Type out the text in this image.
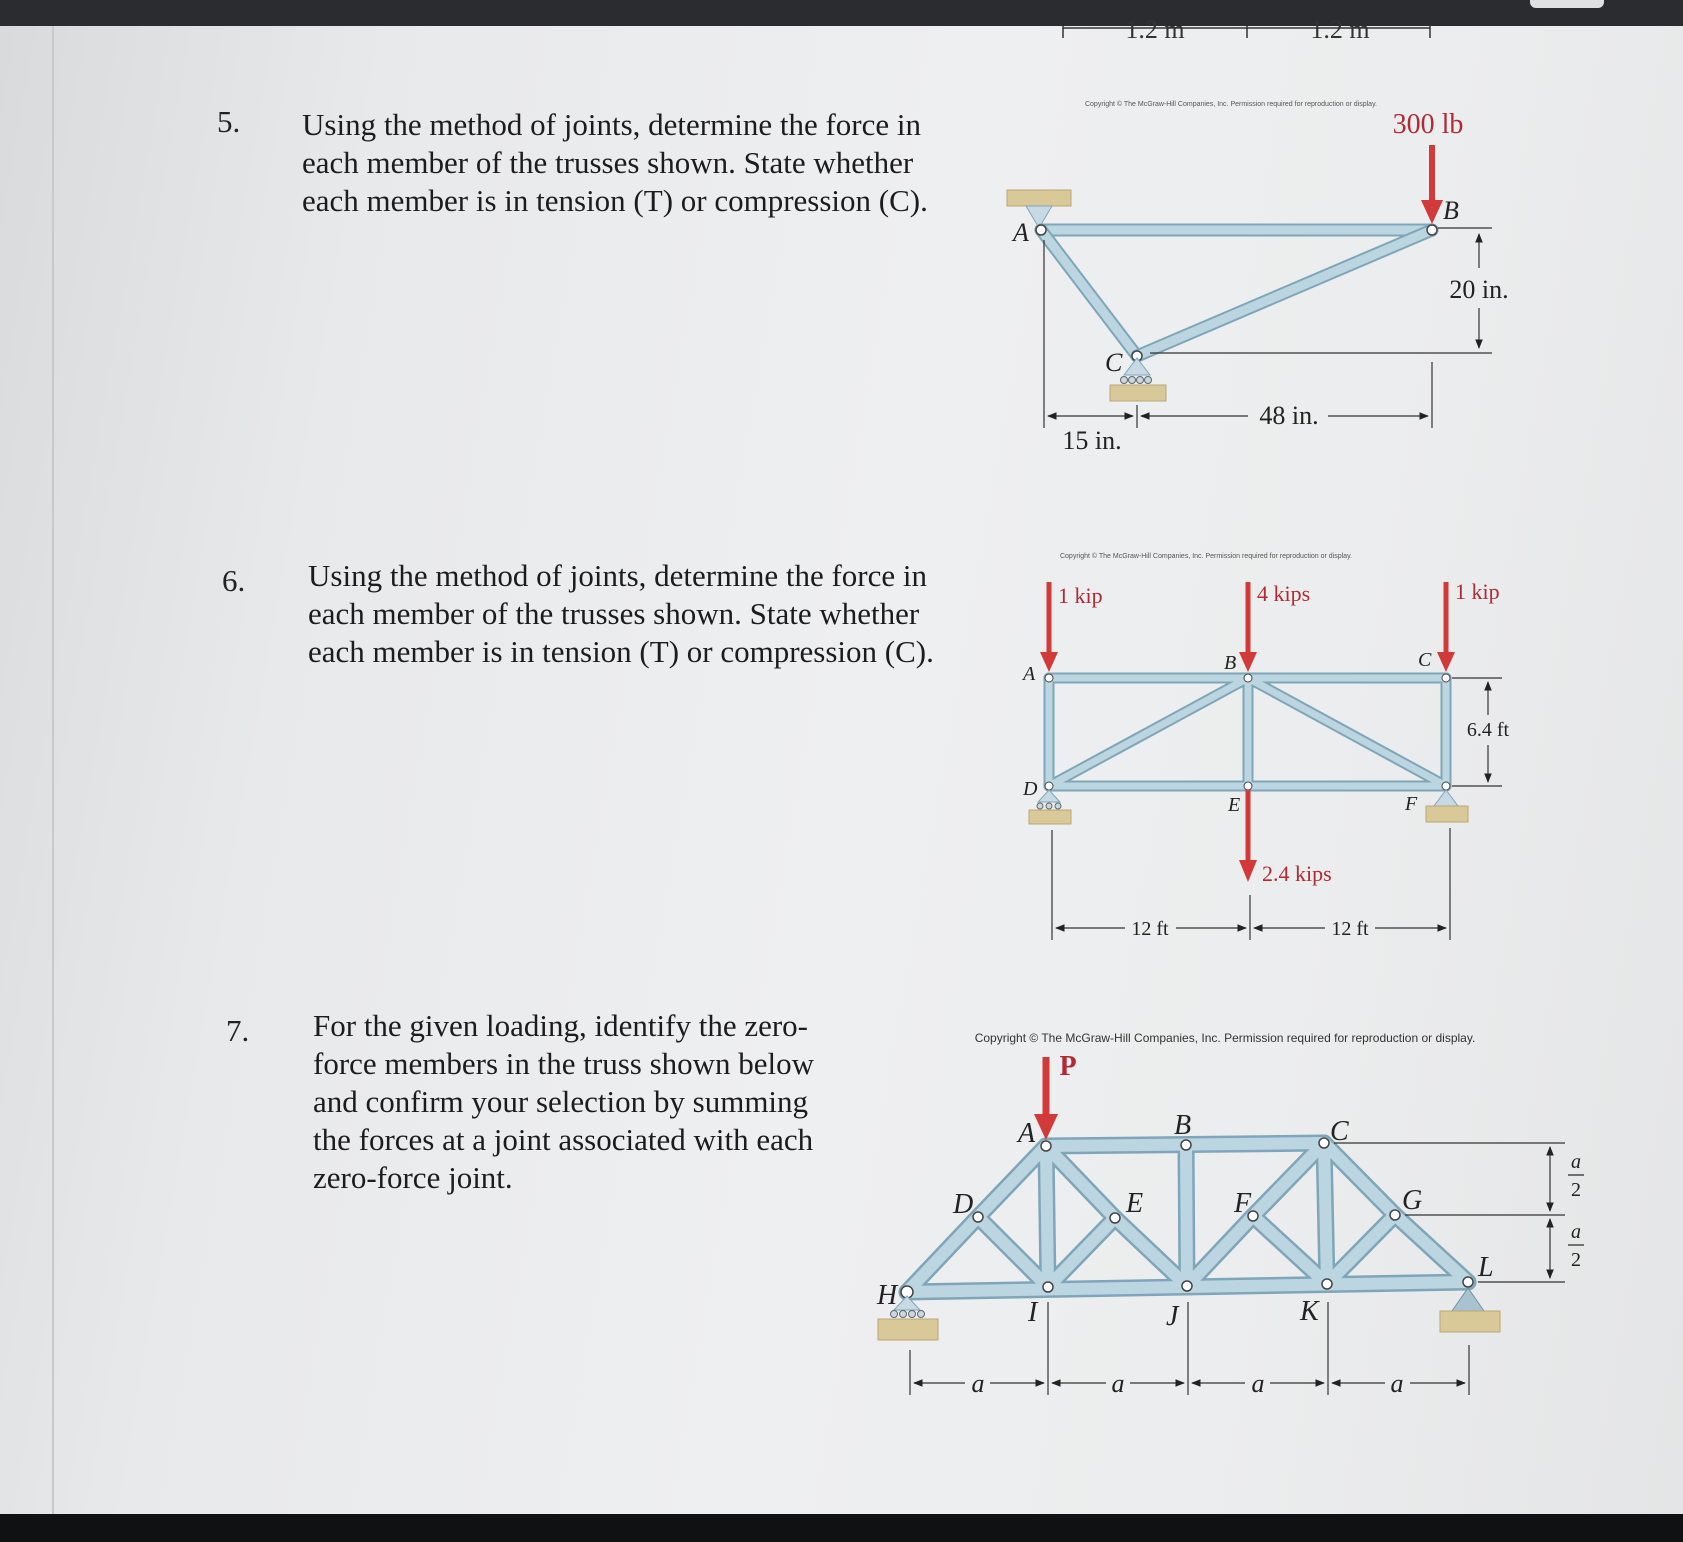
5. Using the method of joints, determine the force in
each member of the trusses shown. State whether
each member is in tension (T) or compression (C).

6. Using the method of joints, determine the force in
each member of the trusses shown. State whether
each member is in tension (T) or compression (C).

7. For the given loading, identify the zero-
force members in the truss shown below
and confirm your selection by summing
the forces at a joint associated with each
zero-force joint.

1.2 m	1.2 m
Copyright © The McGraw-Hill Companies, Inc. Permission required for reproduction or display.
300 lb
A
B
C
20 in.
48 in.
15 in.
Copyright © The McGraw-Hill Companies, Inc. Permission required for reproduction or display.
1 kip	4 kips	1 kip
2.4 kips
A	B	C
D
E	F
6.4 ft
12 ft	12 ft
Copyright © The McGraw-Hill Companies, Inc. Permission required for reproduction or display.
P
A	B	C
D	E	F	G
H
I	J	K
L
a	a	a	a
a
2
a
2
